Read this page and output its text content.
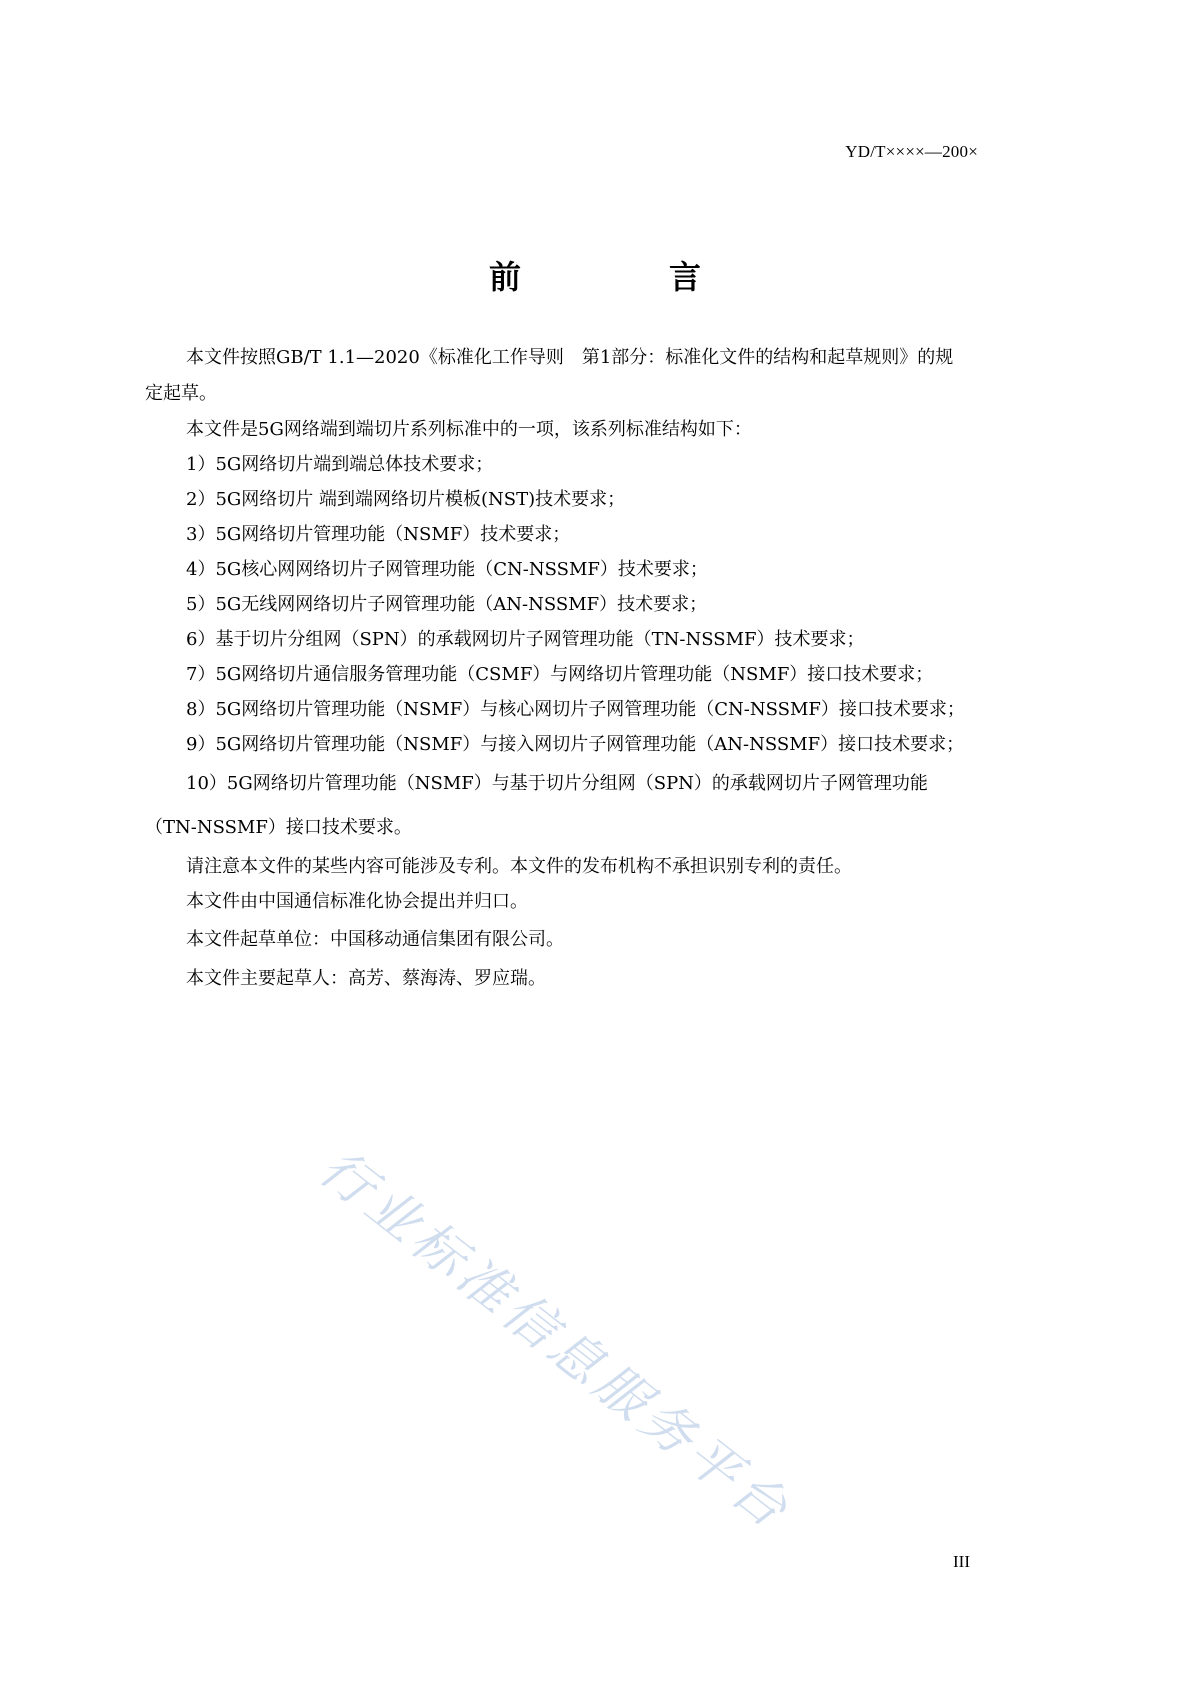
YD/T××××—200×
前　言
本文件按照GB/T 1.1—2020《标准化工作导则　第1部分：标准化文件的结构和起草规则》的规
定起草。
本文件是5G网络端到端切片系列标准中的一项，该系列标准结构如下：
1）5G网络切片端到端总体技术要求；
2）5G网络切片 端到端网络切片模板(NST)技术要求；
3）5G网络切片管理功能（NSMF）技术要求；
4）5G核心网网络切片子网管理功能（CN-NSSMF）技术要求；
5）5G无线网网络切片子网管理功能（AN-NSSMF）技术要求；
6）基于切片分组网（SPN）的承载网切片子网管理功能（TN-NSSMF）技术要求；
7）5G网络切片通信服务管理功能（CSMF）与网络切片管理功能（NSMF）接口技术要求；
8）5G网络切片管理功能（NSMF）与核心网切片子网管理功能（CN-NSSMF）接口技术要求；
9）5G网络切片管理功能（NSMF）与接入网切片子网管理功能（AN-NSSMF）接口技术要求；
10）5G网络切片管理功能（NSMF）与基于切片分组网（SPN）的承载网切片子网管理功能
（TN-NSSMF）接口技术要求。
请注意本文件的某些内容可能涉及专利。本文件的发布机构不承担识别专利的责任。
本文件由中国通信标准化协会提出并归口。
本文件起草单位：中国移动通信集团有限公司。
本文件主要起草人：高芳、蔡海涛、罗应瑞。
行业标准信息服务平台
III
